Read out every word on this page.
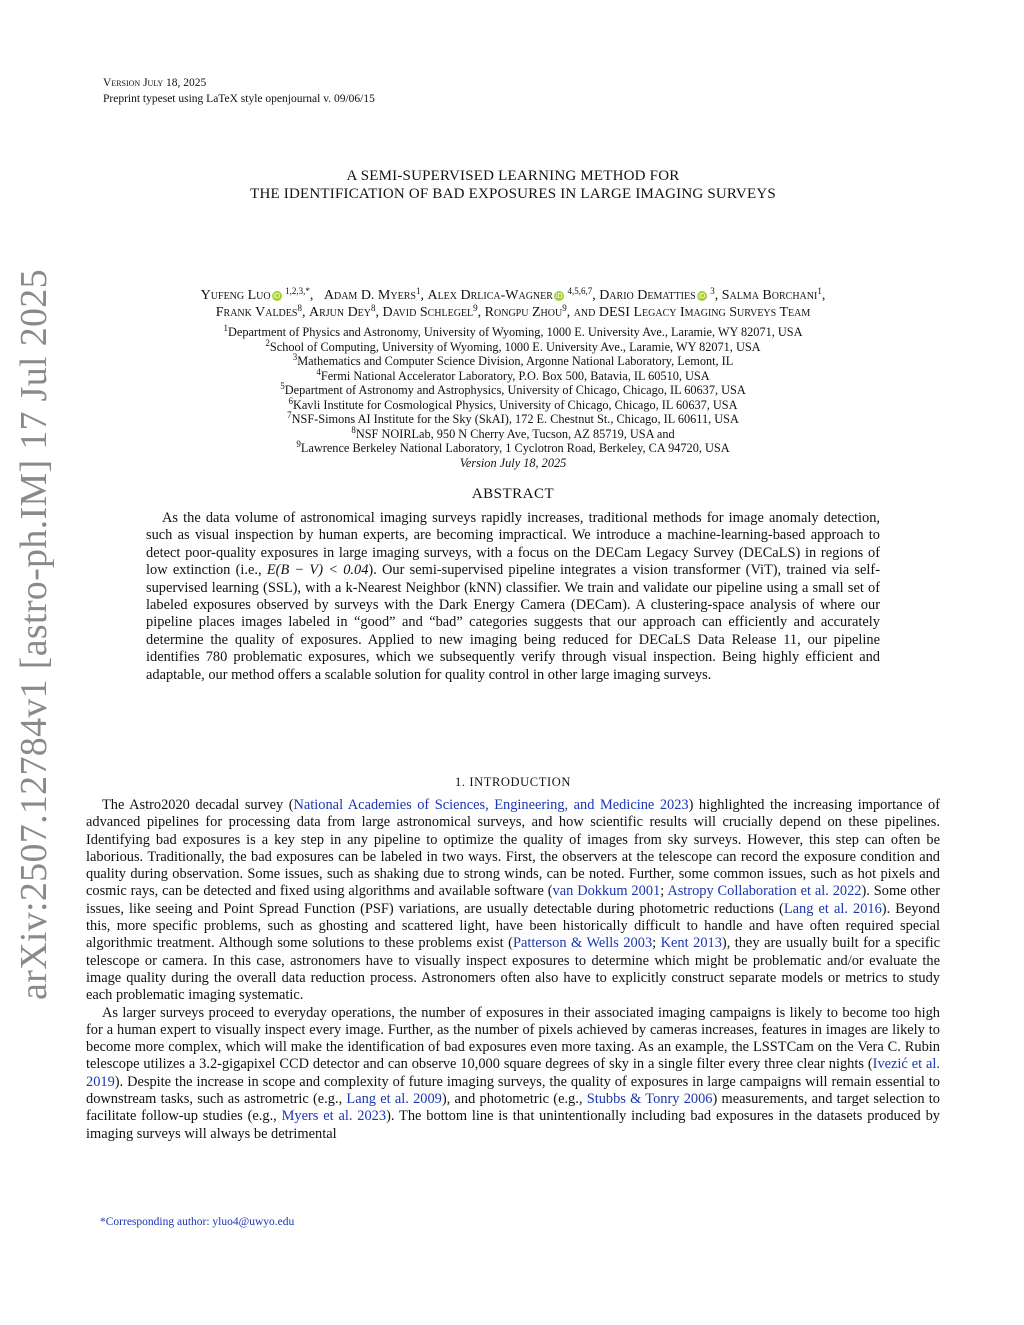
arXiv:2507.12784v1 [astro-ph.IM] 17 Jul 2025
Version July 18, 2025
Preprint typeset using LaTeX style openjournal v. 09/06/15
A SEMI-SUPERVISED LEARNING METHOD FOR
THE IDENTIFICATION OF BAD EXPOSURES IN LARGE IMAGING SURVEYS
Yufeng Luo iD $^{1,2,3,*}$,   Adam D. Myers$^1$, Alex Drlica-Wagner iD $^{4,5,6,7}$, Dario Dematties iD $^3$, Salma Borchani$^1$,
Frank Valdes$^8$, Arjun Dey$^8$, David Schlegel$^9$, Rongpu Zhou$^9$, and DESI Legacy Imaging Surveys Team
$^1$Department of Physics and Astronomy, University of Wyoming, 1000 E. University Ave., Laramie, WY 82071, USA
$^2$School of Computing, University of Wyoming, 1000 E. University Ave., Laramie, WY 82071, USA
$^3$Mathematics and Computer Science Division, Argonne National Laboratory, Lemont, IL
$^4$Fermi National Accelerator Laboratory, P.O. Box 500, Batavia, IL 60510, USA
$^5$Department of Astronomy and Astrophysics, University of Chicago, Chicago, IL 60637, USA
$^6$Kavli Institute for Cosmological Physics, University of Chicago, Chicago, IL 60637, USA
$^7$NSF-Simons AI Institute for the Sky (SkAI), 172 E. Chestnut St., Chicago, IL 60611, USA
$^8$NSF NOIRLab, 950 N Cherry Ave, Tucson, AZ 85719, USA and
$^9$Lawrence Berkeley National Laboratory, 1 Cyclotron Road, Berkeley, CA 94720, USA
Version July 18, 2025
ABSTRACT
As the data volume of astronomical imaging surveys rapidly increases, traditional methods for image anomaly detection, such as visual inspection by human experts, are becoming impractical. We introduce a machine-learning-based approach to detect poor-quality exposures in large imaging surveys, with a focus on the DECam Legacy Survey (DECaLS) in regions of low extinction (i.e., E(B − V) < 0.04). Our semi-supervised pipeline integrates a vision transformer (ViT), trained via self-supervised learning (SSL), with a k-Nearest Neighbor (kNN) classifier. We train and validate our pipeline using a small set of labeled exposures observed by surveys with the Dark Energy Camera (DECam). A clustering-space analysis of where our pipeline places images labeled in “good” and “bad” categories suggests that our approach can efficiently and accurately determine the quality of exposures. Applied to new imaging being reduced for DECaLS Data Release 11, our pipeline identifies 780 problematic exposures, which we subsequently verify through visual inspection. Being highly efficient and adaptable, our method offers a scalable solution for quality control in other large imaging surveys.
1. INTRODUCTION

The Astro2020 decadal survey (National Academies of Sciences, Engineering, and Medicine 2023) highlighted the increasing importance of advanced pipelines for processing data from large astronomical surveys, and how scientific results will crucially depend on these pipelines. Identifying bad exposures is a key step in any pipeline to optimize the quality of images from sky surveys. However, this step can often be laborious. Traditionally, the bad exposures can be labeled in two ways. First, the observers at the telescope can record the exposure condition and quality during observation. Some issues, such as shaking due to strong winds, can be noted. Further, some common issues, such as hot pixels and cosmic rays, can be detected and fixed using algorithms and available software (van Dokkum 2001; Astropy Collaboration et al. 2022). Some other issues, like seeing and Point Spread Function (PSF) variations, are usually detectable during photometric reductions (Lang et al. 2016). Beyond this, more specific problems, such as ghosting and scattered light, have been historically difficult to handle and have often required special algorithmic treatment. Although some solutions to these problems exist (Patterson & Wells 2003; Kent 2013), they are usually built for a specific telescope or camera. In this case, astronomers have to visually inspect exposures to determine which might be problematic and/or evaluate the image quality during the overall data reduction process. Astronomers often also have to explicitly construct separate models or metrics to study each problematic imaging systematic.

As larger surveys proceed to everyday operations, the number of exposures in their associated imaging campaigns is likely to become too high for a human expert to visually inspect every image. Further, as the number of pixels achieved by cameras increases, features in images are likely to become more complex, which will make the identification of bad exposures even more taxing. As an example, the LSSTCam on the Vera C. Rubin telescope utilizes a 3.2-gigapixel CCD detector and can observe 10,000 square degrees of sky in a single filter every three clear nights (Ivezić et al. 2019). Despite the increase in scope and complexity of future imaging surveys, the quality of exposures in large campaigns will remain essential to downstream tasks, such as astrometric (e.g., Lang et al. 2009), and photometric (e.g., Stubbs & Tonry 2006) measurements, and target selection to facilitate follow-up studies (e.g., Myers et al. 2023). The bottom line is that unintentionally including bad exposures in the datasets produced by imaging surveys will always be detrimental

*Corresponding author: yluo4@uwyo.edu
